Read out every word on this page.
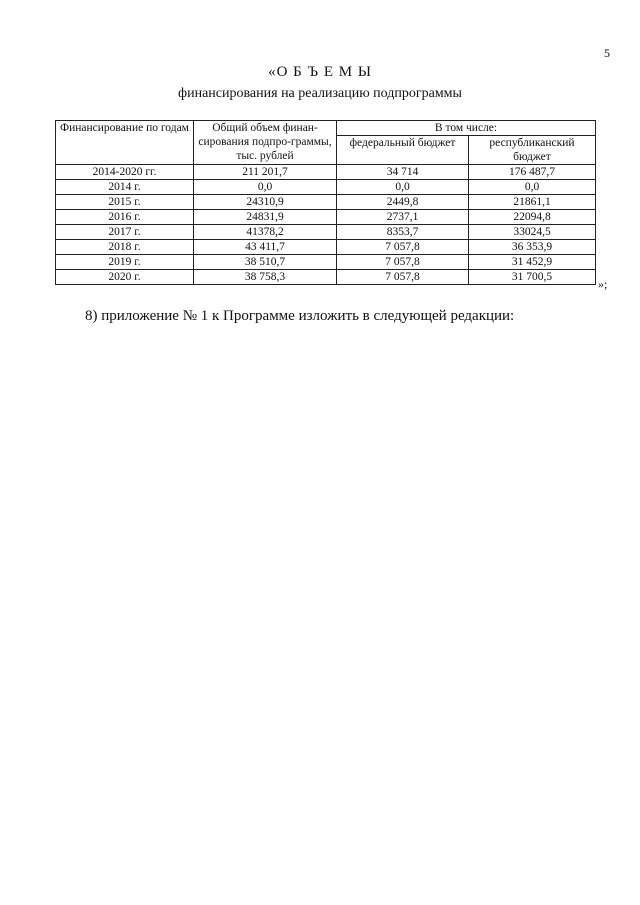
5
«О Б Ъ Е М Ы
финансирования на реализацию подпрограммы
Финансирование по годам	Общий объем финан-сирования подпро-граммы, тыс. рублей	В том числе:	
		федеральный бюджет	республиканский бюджет
2014-2020 гг.	211 201,7	34 714	176 487,7
2014 г.	0,0	0,0	0,0
2015 г.	24310,9	2449,8	21861,1
2016 г.	24831,9	2737,1	22094,8
2017 г.	41378,2	8353,7	33024,5
2018 г.	43 411,7	7 057,8	36 353,9
2019 г.	38 510,7	7 057,8	31 452,9
2020 г.	38 758,3	7 057,8	31 700,5	»;
8) приложение № 1 к Программе изложить в следующей редакции:
